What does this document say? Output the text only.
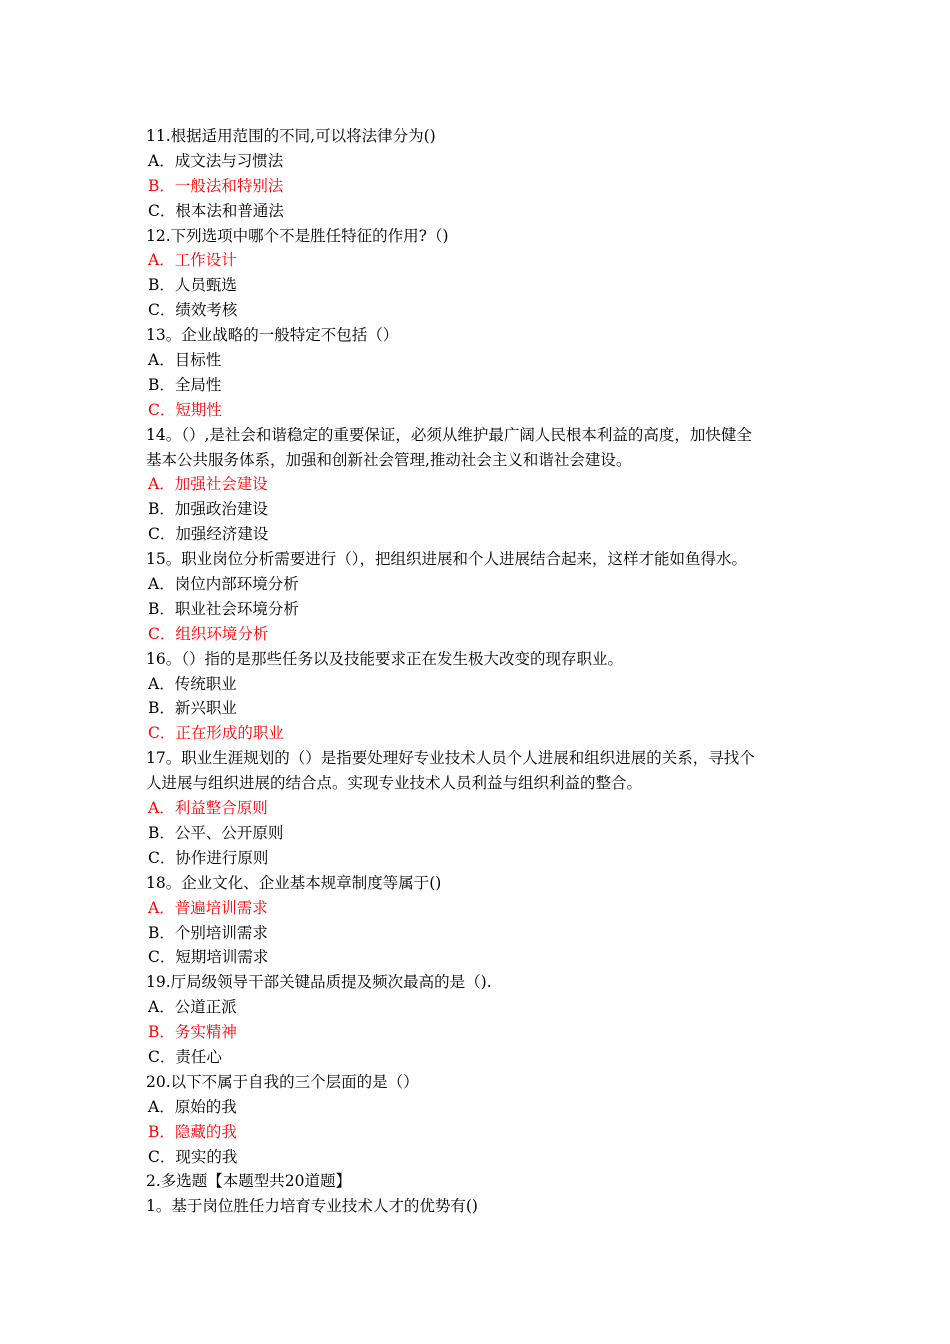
11.根据适用范围的不同,可以将法律分为()
A．成文法与习惯法
B．一般法和特别法
C．根本法和普通法
12.下列选项中哪个不是胜任特征的作用?（)
A．工作设计
B．人员甄选
C．绩效考核
13。企业战略的一般特定不包括（）
A．目标性
B．全局性
C．短期性
14。（）,是社会和谐稳定的重要保证，必须从维护最广阔人民根本利益的高度，加快健全
基本公共服务体系，加强和创新社会管理,推动社会主义和谐社会建设。
A．加强社会建设
B．加强政治建设
C．加强经济建设
15。职业岗位分析需要进行（），把组织进展和个人进展结合起来，这样才能如鱼得水。
A．岗位内部环境分析
B．职业社会环境分析
C．组织环境分析
16。（）指的是那些任务以及技能要求正在发生极大改变的现存职业。
A．传统职业
B．新兴职业
C．正在形成的职业
17。职业生涯规划的（）是指要处理好专业技术人员个人进展和组织进展的关系，寻找个
人进展与组织进展的结合点。实现专业技术人员利益与组织利益的整合。
A．利益整合原则
B．公平、公开原则
C．协作进行原则
18。企业文化、企业基本规章制度等属于()
A．普遍培训需求
B．个别培训需求
C．短期培训需求
19.厅局级领导干部关键品质提及频次最高的是（).
A．公道正派
B．务实精神
C．责任心
20.以下不属于自我的三个层面的是（）
A．原始的我
B．隐藏的我
C．现实的我
2.多选题【本题型共20道题】
1。基于岗位胜任力培育专业技术人才的优势有()
